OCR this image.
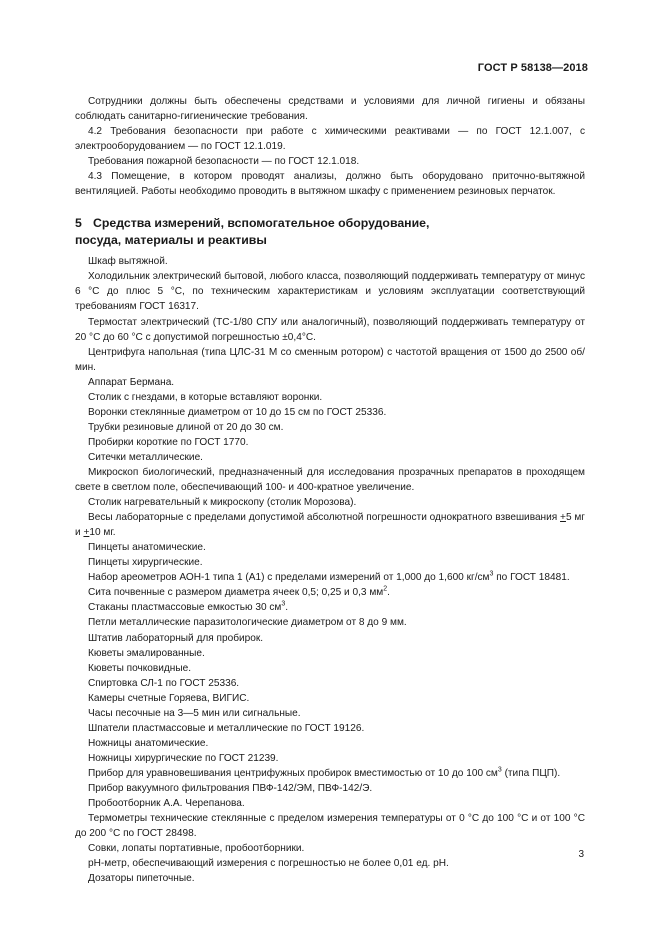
ГОСТ Р 58138—2018

Сотрудники должны быть обеспечены средствами и условиями для личной гигиены и обязаны соблюдать санитарно-гигиенические требования.

4.2 Требования безопасности при работе с химическими реактивами — по ГОСТ 12.1.007, с электрооборудованием — по ГОСТ 12.1.019.

Требования пожарной безопасности — по ГОСТ 12.1.018.

4.3 Помещение, в котором проводят анализы, должно быть оборудовано приточно-вытяжной вентиляцией. Работы необходимо проводить в вытяжном шкафу с применением резиновых перчаток.

5 Средства измерений, вспомогательное оборудование,
посуда, материалы и реактивы

Шкаф вытяжной.

Холодильник электрический бытовой, любого класса, позволяющий поддерживать температуру от минус 6 °С до плюс 5 °С, по техническим характеристикам и условиям эксплуатации соответствующий требованиям ГОСТ 16317.

Термостат электрический (ТС-1/80 СПУ или аналогичный), позволяющий поддерживать температуру от 20 °С до 60 °С с допустимой погрешностью ±0,4°С.

Центрифуга напольная (типа ЦЛС-31 М со сменным ротором) с частотой вращения от 1500 до 2500 об/мин.

Аппарат Бермана.

Столик с гнездами, в которые вставляют воронки.

Воронки стеклянные диаметром от 10 до 15 см по ГОСТ 25336.

Трубки резиновые длиной от 20 до 30 см.

Пробирки короткие по ГОСТ 1770.

Ситечки металлические.

Микроскоп биологический, предназначенный для исследования прозрачных препаратов в проходящем свете в светлом поле, обеспечивающий 100- и 400-кратное увеличение.

Столик нагревательный к микроскопу (столик Морозова).

Весы лабораторные с пределами допустимой абсолютной погрешности однократного взвешивания +5 мг и +10 мг.

Пинцеты анатомические.

Пинцеты хирургические.

Набор ареометров АОН-1 типа 1 (А1) с пределами измерений от 1,000 до 1,600 $кг/см^3$ по ГОСТ 18481.

Сита почвенные с размером диаметра ячеек 0,5; 0,25 и 0,3 $мм^2$.

Стаканы пластмассовые емкостью 30 $см^3$.

Петли металлические паразитологические диаметром от 8 до 9 мм.

Штатив лабораторный для пробирок.

Кюветы эмалированные.

Кюветы почковидные.

Спиртовка СЛ-1 по ГОСТ 25336.

Камеры счетные Горяева, ВИГИС.

Часы песочные на 3—5 мин или сигнальные.

Шпатели пластмассовые и металлические по ГОСТ 19126.

Ножницы анатомические.

Ножницы хирургические по ГОСТ 21239.

Прибор для уравновешивания центрифужных пробирок вместимостью от 10 до 100 $см^3$ (типа ПЦП).

Прибор вакуумного фильтрования ПВФ-142/ЭМ, ПВФ-142/Э.

Пробоотборник А.А. Черепанова.

Термометры технические стеклянные с пределом измерения температуры от 0 °С до 100 °С и от 100 °С до 200 °С по ГОСТ 28498.

Совки, лопаты портативные, пробоотборники.

рН-метр, обеспечивающий измерения с погрешностью не более 0,01 ед. рН.

Дозаторы пипеточные.

3
